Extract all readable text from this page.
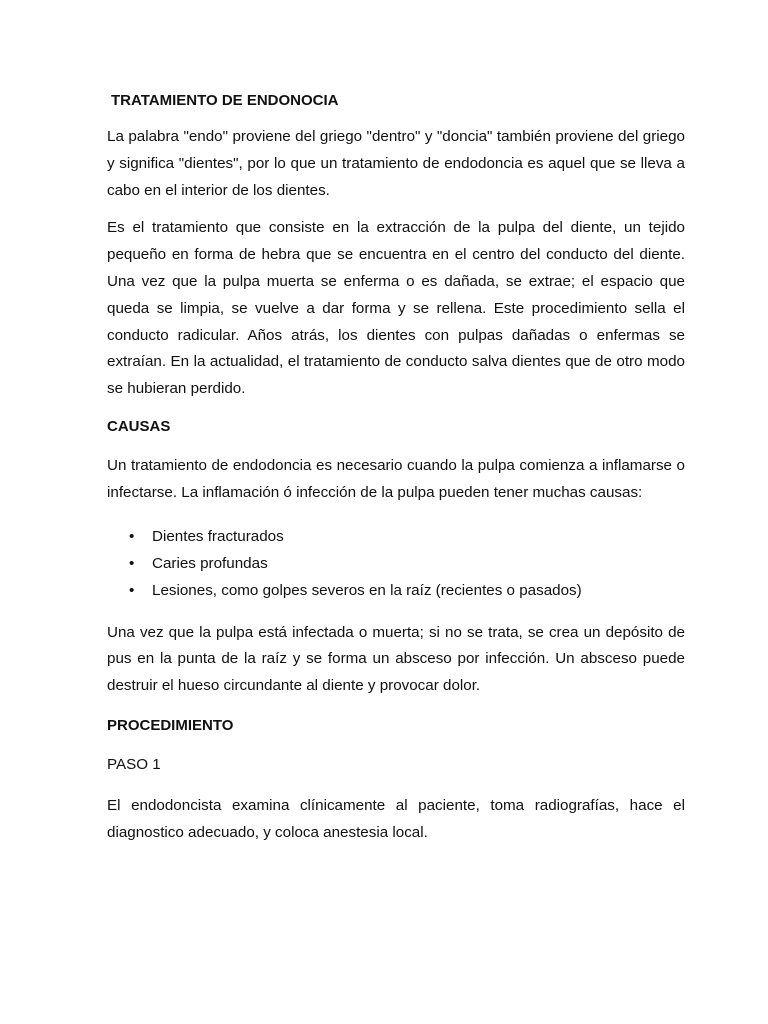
TRATAMIENTO DE ENDONOCIA

La palabra "endo" proviene del griego "dentro" y "doncia" también proviene del griego y significa "dientes", por lo que un tratamiento de endodoncia es aquel que se lleva a cabo en el interior de los dientes.

Es el tratamiento que consiste en la extracción de la pulpa del diente, un tejido pequeño en forma de hebra que se encuentra en el centro del conducto del diente. Una vez que la pulpa muerta se enferma o es dañada, se extrae; el espacio que queda se limpia, se vuelve a dar forma y se rellena. Este procedimiento sella el conducto radicular. Años atrás, los dientes con pulpas dañadas o enfermas se extraían. En la actualidad, el tratamiento de conducto salva dientes que de otro modo se hubieran perdido.

CAUSAS

Un tratamiento de endodoncia es necesario cuando la pulpa comienza a inflamarse o infectarse. La inflamación ó infección de la pulpa pueden tener muchas causas:

• Dientes fracturados
• Caries profundas
• Lesiones, como golpes severos en la raíz (recientes o pasados)

Una vez que la pulpa está infectada o muerta; si no se trata, se crea un depósito de pus en la punta de la raíz y se forma un absceso por infección. Un absceso puede destruir el hueso circundante al diente y provocar dolor.

PROCEDIMIENTO
PASO 1

El endodoncista examina clínicamente al paciente, toma radiografías, hace el diagnostico adecuado, y coloca anestesia local.
